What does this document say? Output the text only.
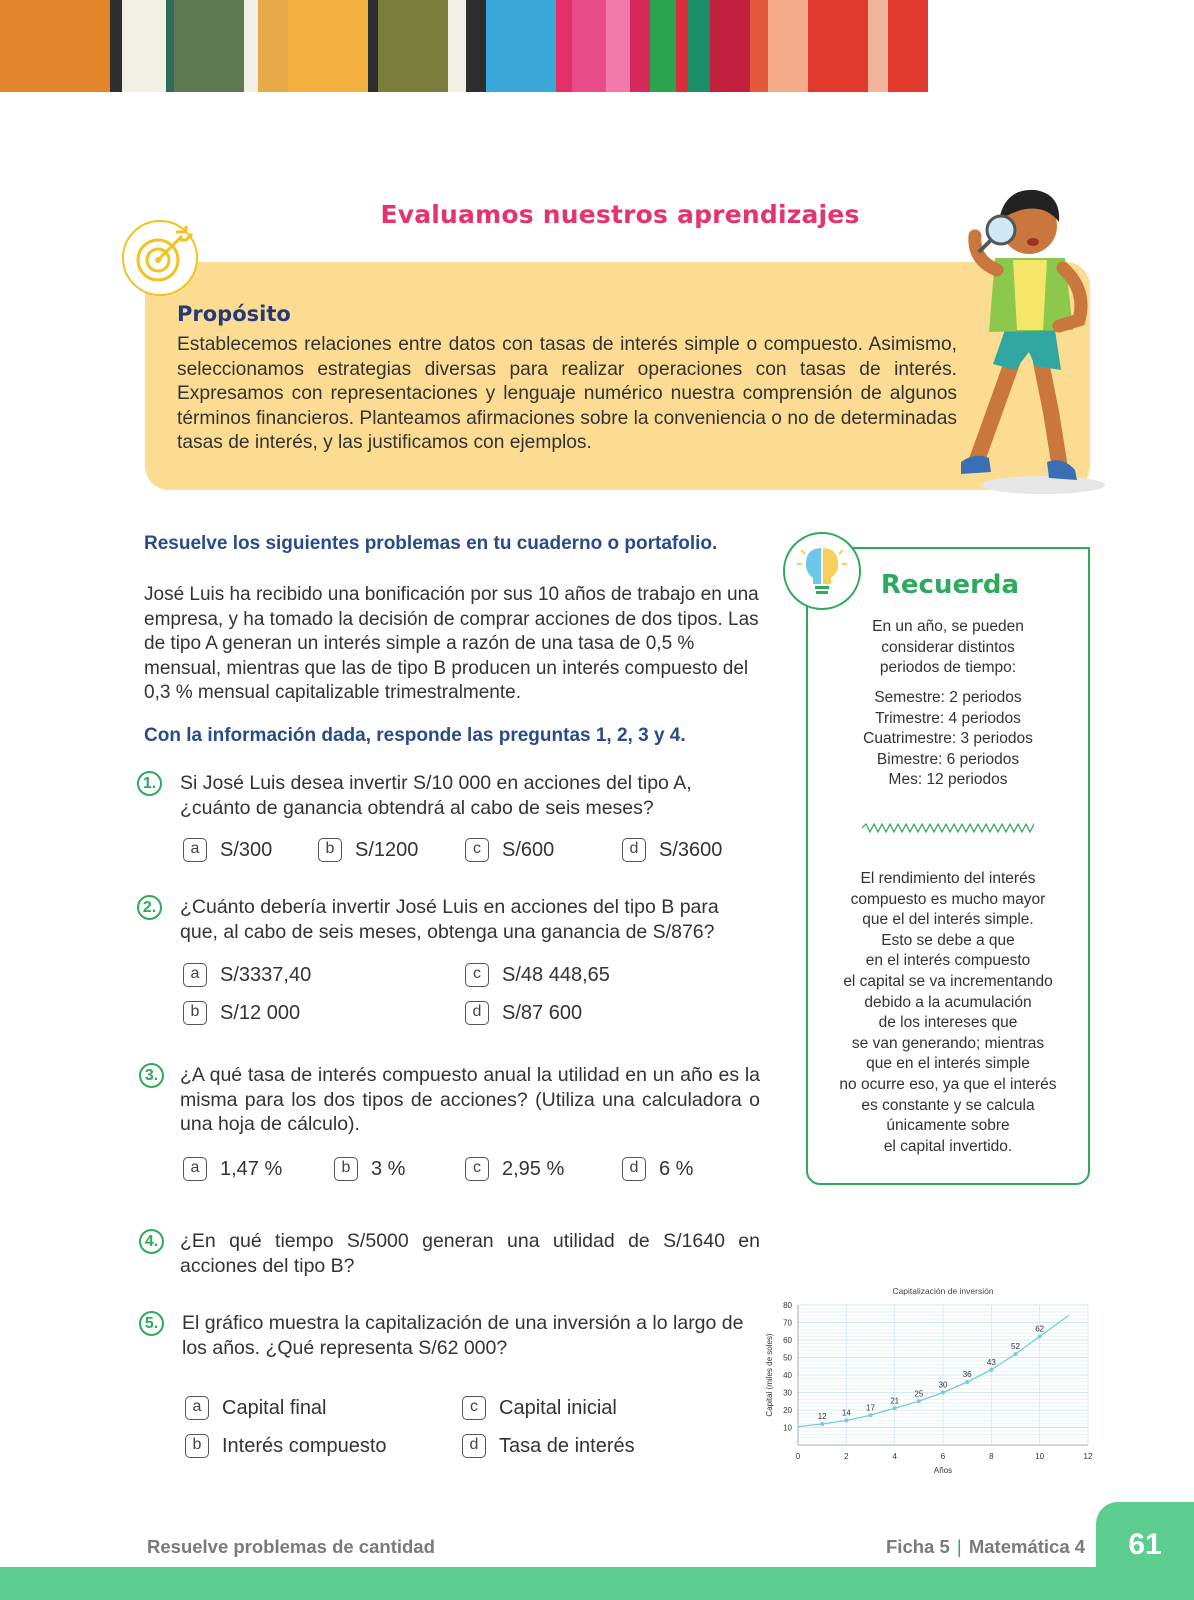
Evaluamos nuestros aprendizajes
Propósito
Establecemos relaciones entre datos con tasas de interés simple o compuesto. Asimismo, seleccionamos estrategias diversas para realizar operaciones con tasas de interés. Expresamos con representaciones y lenguaje numérico nuestra comprensión de algunos términos financieros. Planteamos afirmaciones sobre la conveniencia o no de determinadas tasas de interés, y las justificamos con ejemplos.
Resuelve los siguientes problemas en tu cuaderno o portafolio.
José Luis ha recibido una bonificación por sus 10 años de trabajo en una empresa, y ha tomado la decisión de comprar acciones de dos tipos. Las de tipo A generan un interés simple a razón de una tasa de 0,5 % mensual, mientras que las de tipo B producen un interés compuesto del 0,3 % mensual capitalizable trimestralmente.
Con la información dada, responde las preguntas 1, 2, 3 y 4.
1. Si José Luis desea invertir S/10 000 en acciones del tipo A, ¿cuánto de ganancia obtendrá al cabo de seis meses?
a	S/300	b	S/1200	c	S/600	d	S/3600
2. ¿Cuánto debería invertir José Luis en acciones del tipo B para que, al cabo de seis meses, obtenga una ganancia de S/876?
a	S/3337,40
b	S/12 000
c	S/48 448,65
d	S/87 600
3. ¿A qué tasa de interés compuesto anual la utilidad en un año es la misma para los dos tipos de acciones? (Utiliza una calculadora o una hoja de cálculo).
a	1,47 %	b	3 %	c	2,95 %	d	6 %
4. ¿En qué tiempo S/5000 generan una utilidad de S/1640 en acciones del tipo B?
5. El gráfico muestra la capitalización de una inversión a lo largo de los años. ¿Qué representa S/62 000?
a	Capital final
b	Interés compuesto
c	Capital inicial
d	Tasa de interés
Recuerda
En un año, se pueden
considerar distintos
periodos de tiempo:
Semestre: 2 periodos
Trimestre: 4 periodos
Cuatrimestre: 3 periodos
Bimestre: 6 periodos
Mes: 12 periodos
El rendimiento del interés
compuesto es mucho mayor
que el del interés simple.
Esto se debe a que
en el interés compuesto
el capital se va incrementando
debido a la acumulación
de los intereses que
se van generando; mientras
que en el interés simple
no ocurre eso, ya que el interés
es constante y se calcula
únicamente sobre
el capital invertido.
Capitalización de inversión
0	2	4	6	8	10	12
10
20
30
40
50
60
70
80
Años
Capital (miles de soles)	12 14
17
21
25
30
36
43
52
62
61
Resuelve problemas de cantidad	Ficha 5 | Matemática 4
